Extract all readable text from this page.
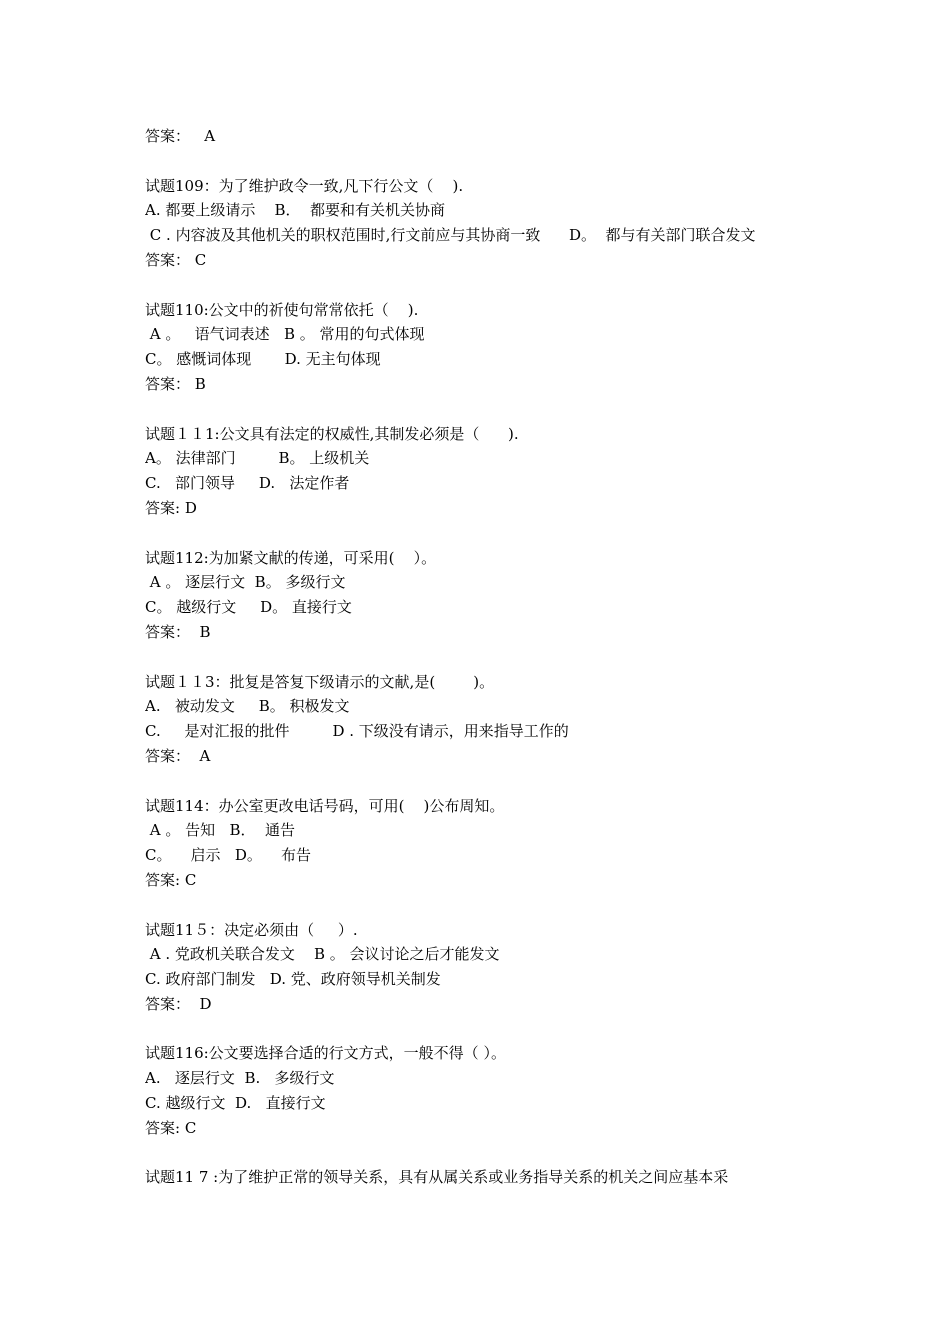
答案：   A
试题109：为了维护政令一致,凡下行公文（    ).
A. 都要上级请示    B．  都要和有关机关协商
C . 内容波及其他机关的职权范围时,行文前应与其协商一致      D。  都与有关部门联合发文
答案： C
试题110:公文中的祈使句常常依托（    ).
A 。   语气词表述   B 。 常用的句式体现
C。 感慨词体现       D. 无主句体现
答案： B
试题１１1:公文具有法定的权威性,其制发必须是（      ).
A。 法律部门         B。 上级机关
C.   部门领导     D.   法定作者
答案: D
试题112:为加紧文献的传递，可采用(    ）。
A 。 逐层行文  B。 多级行文
C。 越级行文     D。 直接行文
答案：  B
试题１１3：批复是答复下级请示的文献,是(        )。
A.   被动发文     B。 积极发文
C.     是对汇报的批件         D . 下级没有请示，用来指导工作的
答案：  A
试题114：办公室更改电话号码，可用(    )公布周知。
A 。 告知   B．  通告
C。    启示   D。    布告
答案: C
试题11５：决定必须由（     ）.
A . 党政机关联合发文    B 。 会议讨论之后才能发文
C. 政府部门制发   D. 党、政府领导机关制发
答案：  D
试题116:公文要选择合适的行文方式，一般不得（ ）。
A.   逐层行文  B.   多级行文
C. 越级行文  D.   直接行文
答案: C
试题11 7 :为了维护正常的领导关系，具有从属关系或业务指导关系的机关之间应基本采
